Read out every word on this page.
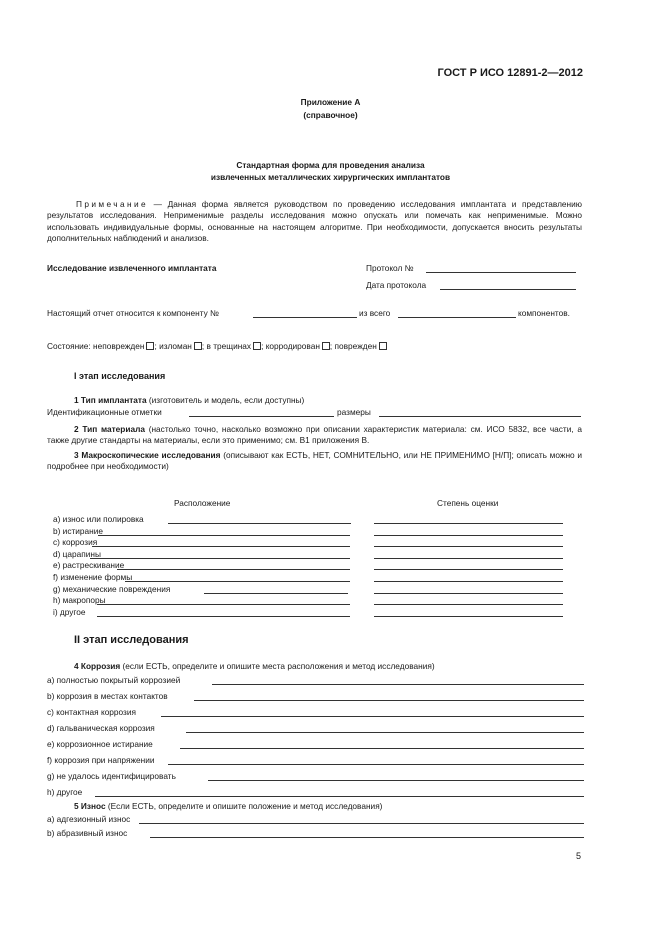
ГОСТ Р ИСО 12891-2—2012
Приложение А
(справочное)
Стандартная форма для проведения анализа
извлеченных металлических хирургических имплантатов
Примечание — Данная форма является руководством по проведению исследования имплантата и представлению результатов исследования. Неприменимые разделы исследования можно опускать или помечать как неприменимые. Можно использовать индивидуальные формы, основанные на настоящем алгоритме. При необходимости, допускается вносить результаты дополнительных наблюдений и анализов.
Исследование извлеченного имплантата	Протокол №
Дата протокола
Настоящий отчет относится к компоненту №	из всего	компонентов.
Состояние: неповрежден ; изломан ; в трещинах ; корродирован ; поврежден
I этап исследования
1 Тип имплантата (изготовитель и модель, если доступны)
Идентификационные отметки	размеры
2 Тип материала (настолько точно, насколько возможно при описании характеристик материала: см. ИСО 5832, все части, а также другие стандарты на материалы, если это применимо; см. В1 приложения В.
3 Макроскопические исследования (описывают как ЕСТЬ, НЕТ, СОМНИТЕЛЬНО, или НЕ ПРИМЕНИМО [Н/П]; описать можно и подробнее при необходимости)
Расположение	Степень оценки
a) износ или полировка
b) истирание
c) коррозия
d) царапины
e) растрескивание
f) изменение формы
g) механические повреждения
h) макропоры
i) другое
II этап исследования
4 Коррозия (если ЕСТЬ, определите и опишите места расположения и метод исследования)
a) полностью покрытый коррозией
b) коррозия в местах контактов
c) контактная коррозия
d) гальваническая коррозия
e) коррозионное истирание
f) коррозия при напряжении
g) не удалось идентифицировать
h) другое
5 Износ (Если ЕСТЬ, определите и опишите положение и метод исследования)
a) адгезионный износ
b) абразивный износ
5
